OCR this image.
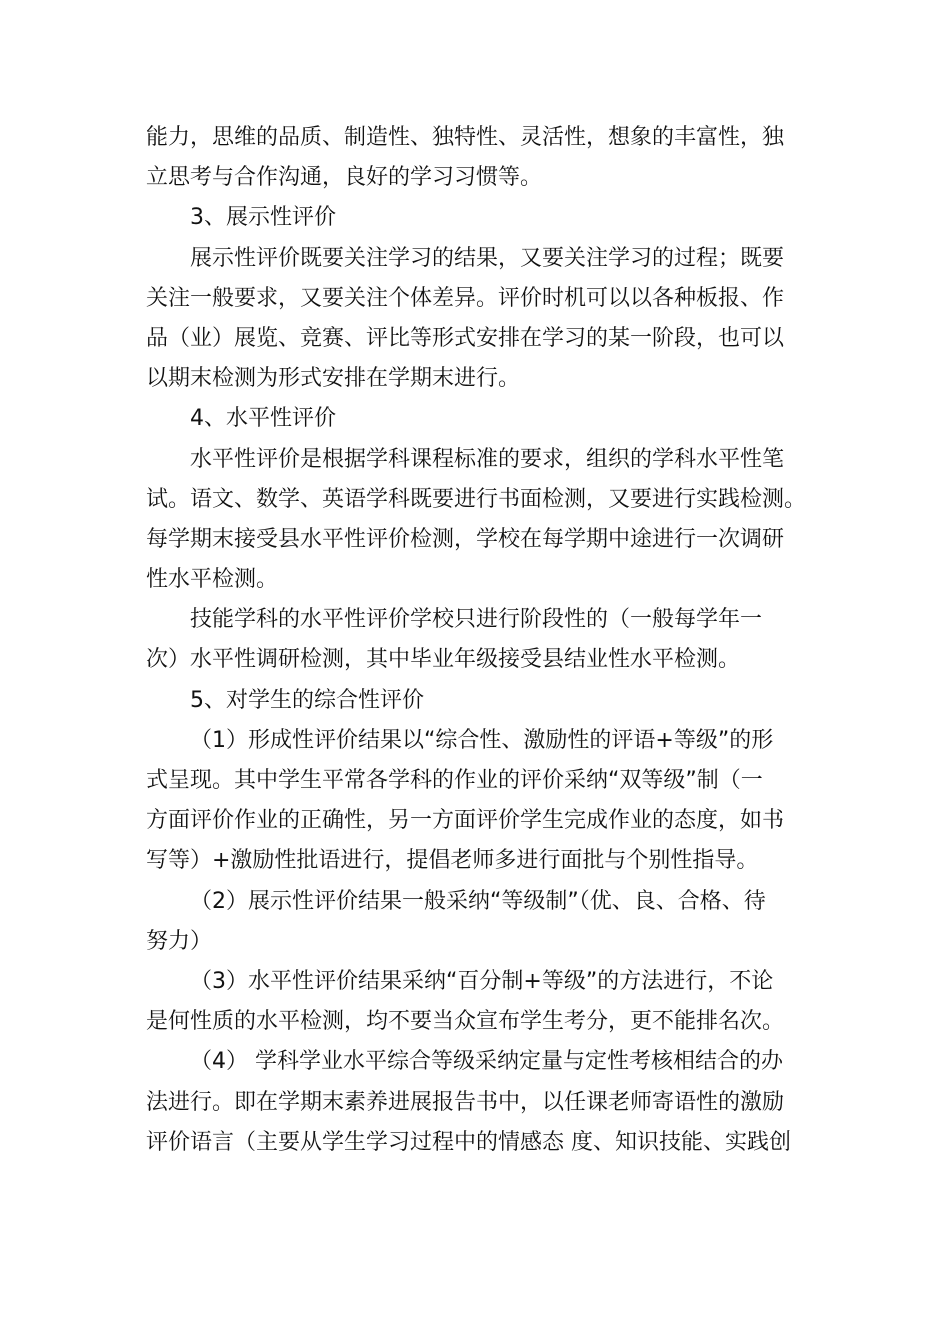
能力，思维的品质、制造性、独特性、灵活性，想象的丰富性，独
立思考与合作沟通，良好的学习习惯等。
3、展示性评价
展示性评价既要关注学习的结果，又要关注学习的过程；既要
关注一般要求，又要关注个体差异。评价时机可以以各种板报、作
品（业）展览、竞赛、评比等形式安排在学习的某一阶段，也可以
以期末检测为形式安排在学期末进行。
4、水平性评价
水平性评价是根据学科课程标准的要求，组织的学科水平性笔
试。语文、数学、英语学科既要进行书面检测，又要进行实践检测。
每学期末接受县水平性评价检测，学校在每学期中途进行一次调研
性水平检测。
技能学科的水平性评价学校只进行阶段性的（一般每学年一
次）水平性调研检测，其中毕业年级接受县结业性水平检测。
5、对学生的综合性评价
（1）形成性评价结果以“综合性、激励性的评语+等级”的形
式呈现。其中学生平常各学科的作业的评价采纳“双等级”制（一
方面评价作业的正确性，另一方面评价学生完成作业的态度，如书
写等）+激励性批语进行，提倡老师多进行面批与个别性指导。
（2）展示性评价结果一般采纳“等级制”（优、良、合格、待
努力）
（3）水平性评价结果采纳“百分制+等级”的方法进行，不论
是何性质的水平检测，均不要当众宣布学生考分，更不能排名次。
（4） 学科学业水平综合等级采纳定量与定性考核相结合的办
法进行。即在学期末素养进展报告书中，以任课老师寄语性的激励
评价语言（主要从学生学习过程中的情感态 度、知识技能、实践创
